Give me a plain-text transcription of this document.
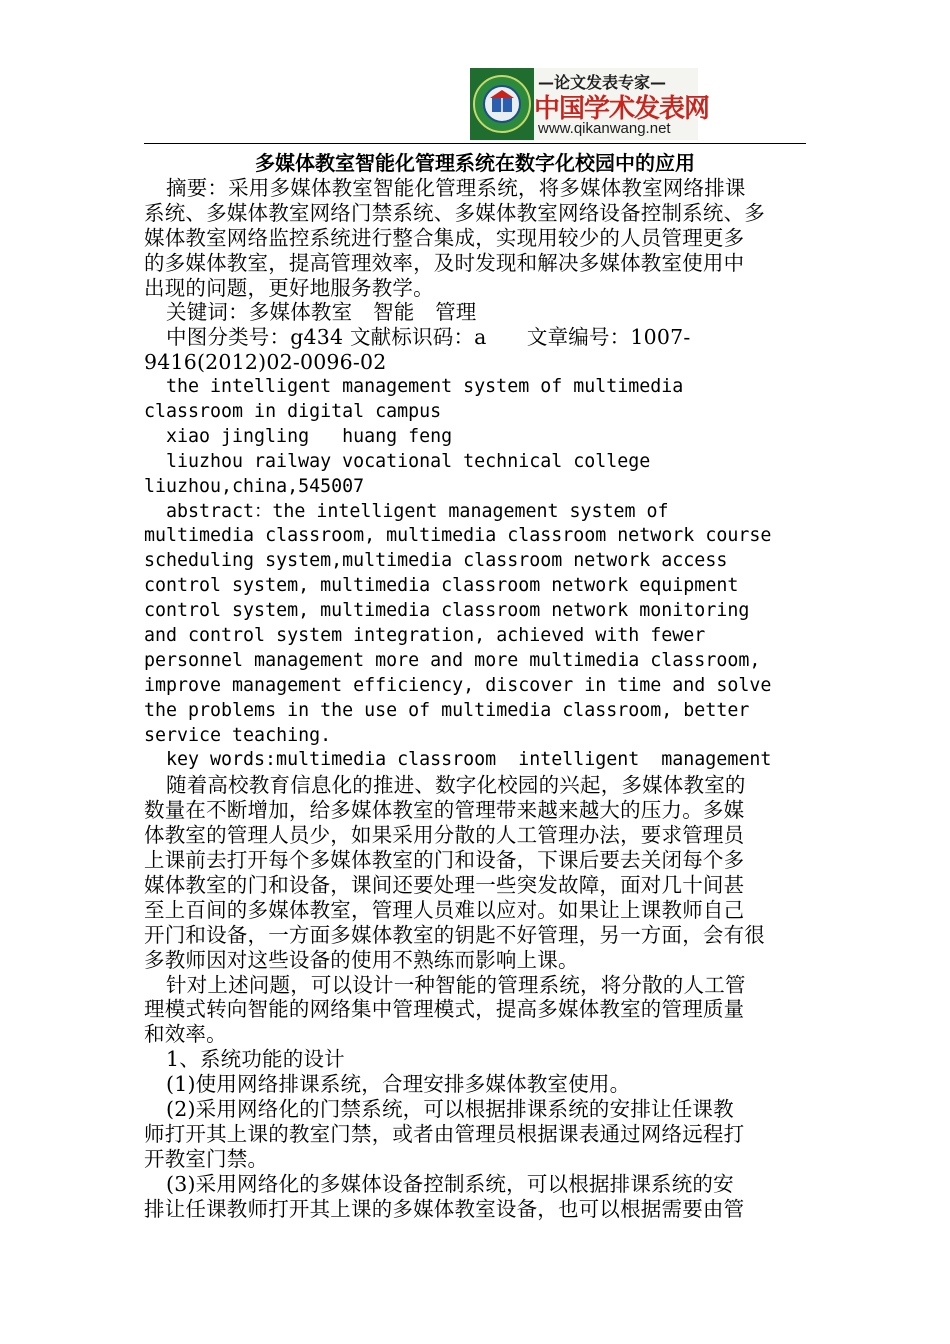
—论文发表专家—
中国学术发表网
www.qikanwang.net
多媒体教室智能化管理系统在数字化校园中的应用
摘要：采用多媒体教室智能化管理系统，将多媒体教室网络排课
系统、多媒体教室网络门禁系统、多媒体教室网络设备控制系统、多
媒体教室网络监控系统进行整合集成，实现用较少的人员管理更多
的多媒体教室，提高管理效率，及时发现和解决多媒体教室使用中
出现的问题，更好地服务教学。
关键词：多媒体教室　智能　管理
中图分类号：g434 文献标识码：a      文章编号：1007-
9416(2012)02-0096-02
the intelligent management system of multimedia
classroom in digital campus
xiao jingling   huang feng
liuzhou railway vocational technical college
liuzhou,china,545007
abstract：the intelligent management system of
multimedia classroom, multimedia classroom network course
scheduling system,multimedia classroom network access
control system, multimedia classroom network equipment
control system, multimedia classroom network monitoring
and control system integration, achieved with fewer
personnel management more and more multimedia classroom,
improve management efficiency, discover in time and solve
the problems in the use of multimedia classroom, better
service teaching.
key words:multimedia classroom  intelligent  management
随着高校教育信息化的推进、数字化校园的兴起，多媒体教室的
数量在不断增加，给多媒体教室的管理带来越来越大的压力。多媒
体教室的管理人员少，如果采用分散的人工管理办法，要求管理员
上课前去打开每个多媒体教室的门和设备，下课后要去关闭每个多
媒体教室的门和设备，课间还要处理一些突发故障，面对几十间甚
至上百间的多媒体教室，管理人员难以应对。如果让上课教师自己
开门和设备，一方面多媒体教室的钥匙不好管理，另一方面，会有很
多教师因对这些设备的使用不熟练而影响上课。
针对上述问题，可以设计一种智能的管理系统，将分散的人工管
理模式转向智能的网络集中管理模式，提高多媒体教室的管理质量
和效率。
1、系统功能的设计
(1)使用网络排课系统，合理安排多媒体教室使用。
(2)采用网络化的门禁系统，可以根据排课系统的安排让任课教
师打开其上课的教室门禁，或者由管理员根据课表通过网络远程打
开教室门禁。
(3)采用网络化的多媒体设备控制系统，可以根据排课系统的安
排让任课教师打开其上课的多媒体教室设备，也可以根据需要由管
